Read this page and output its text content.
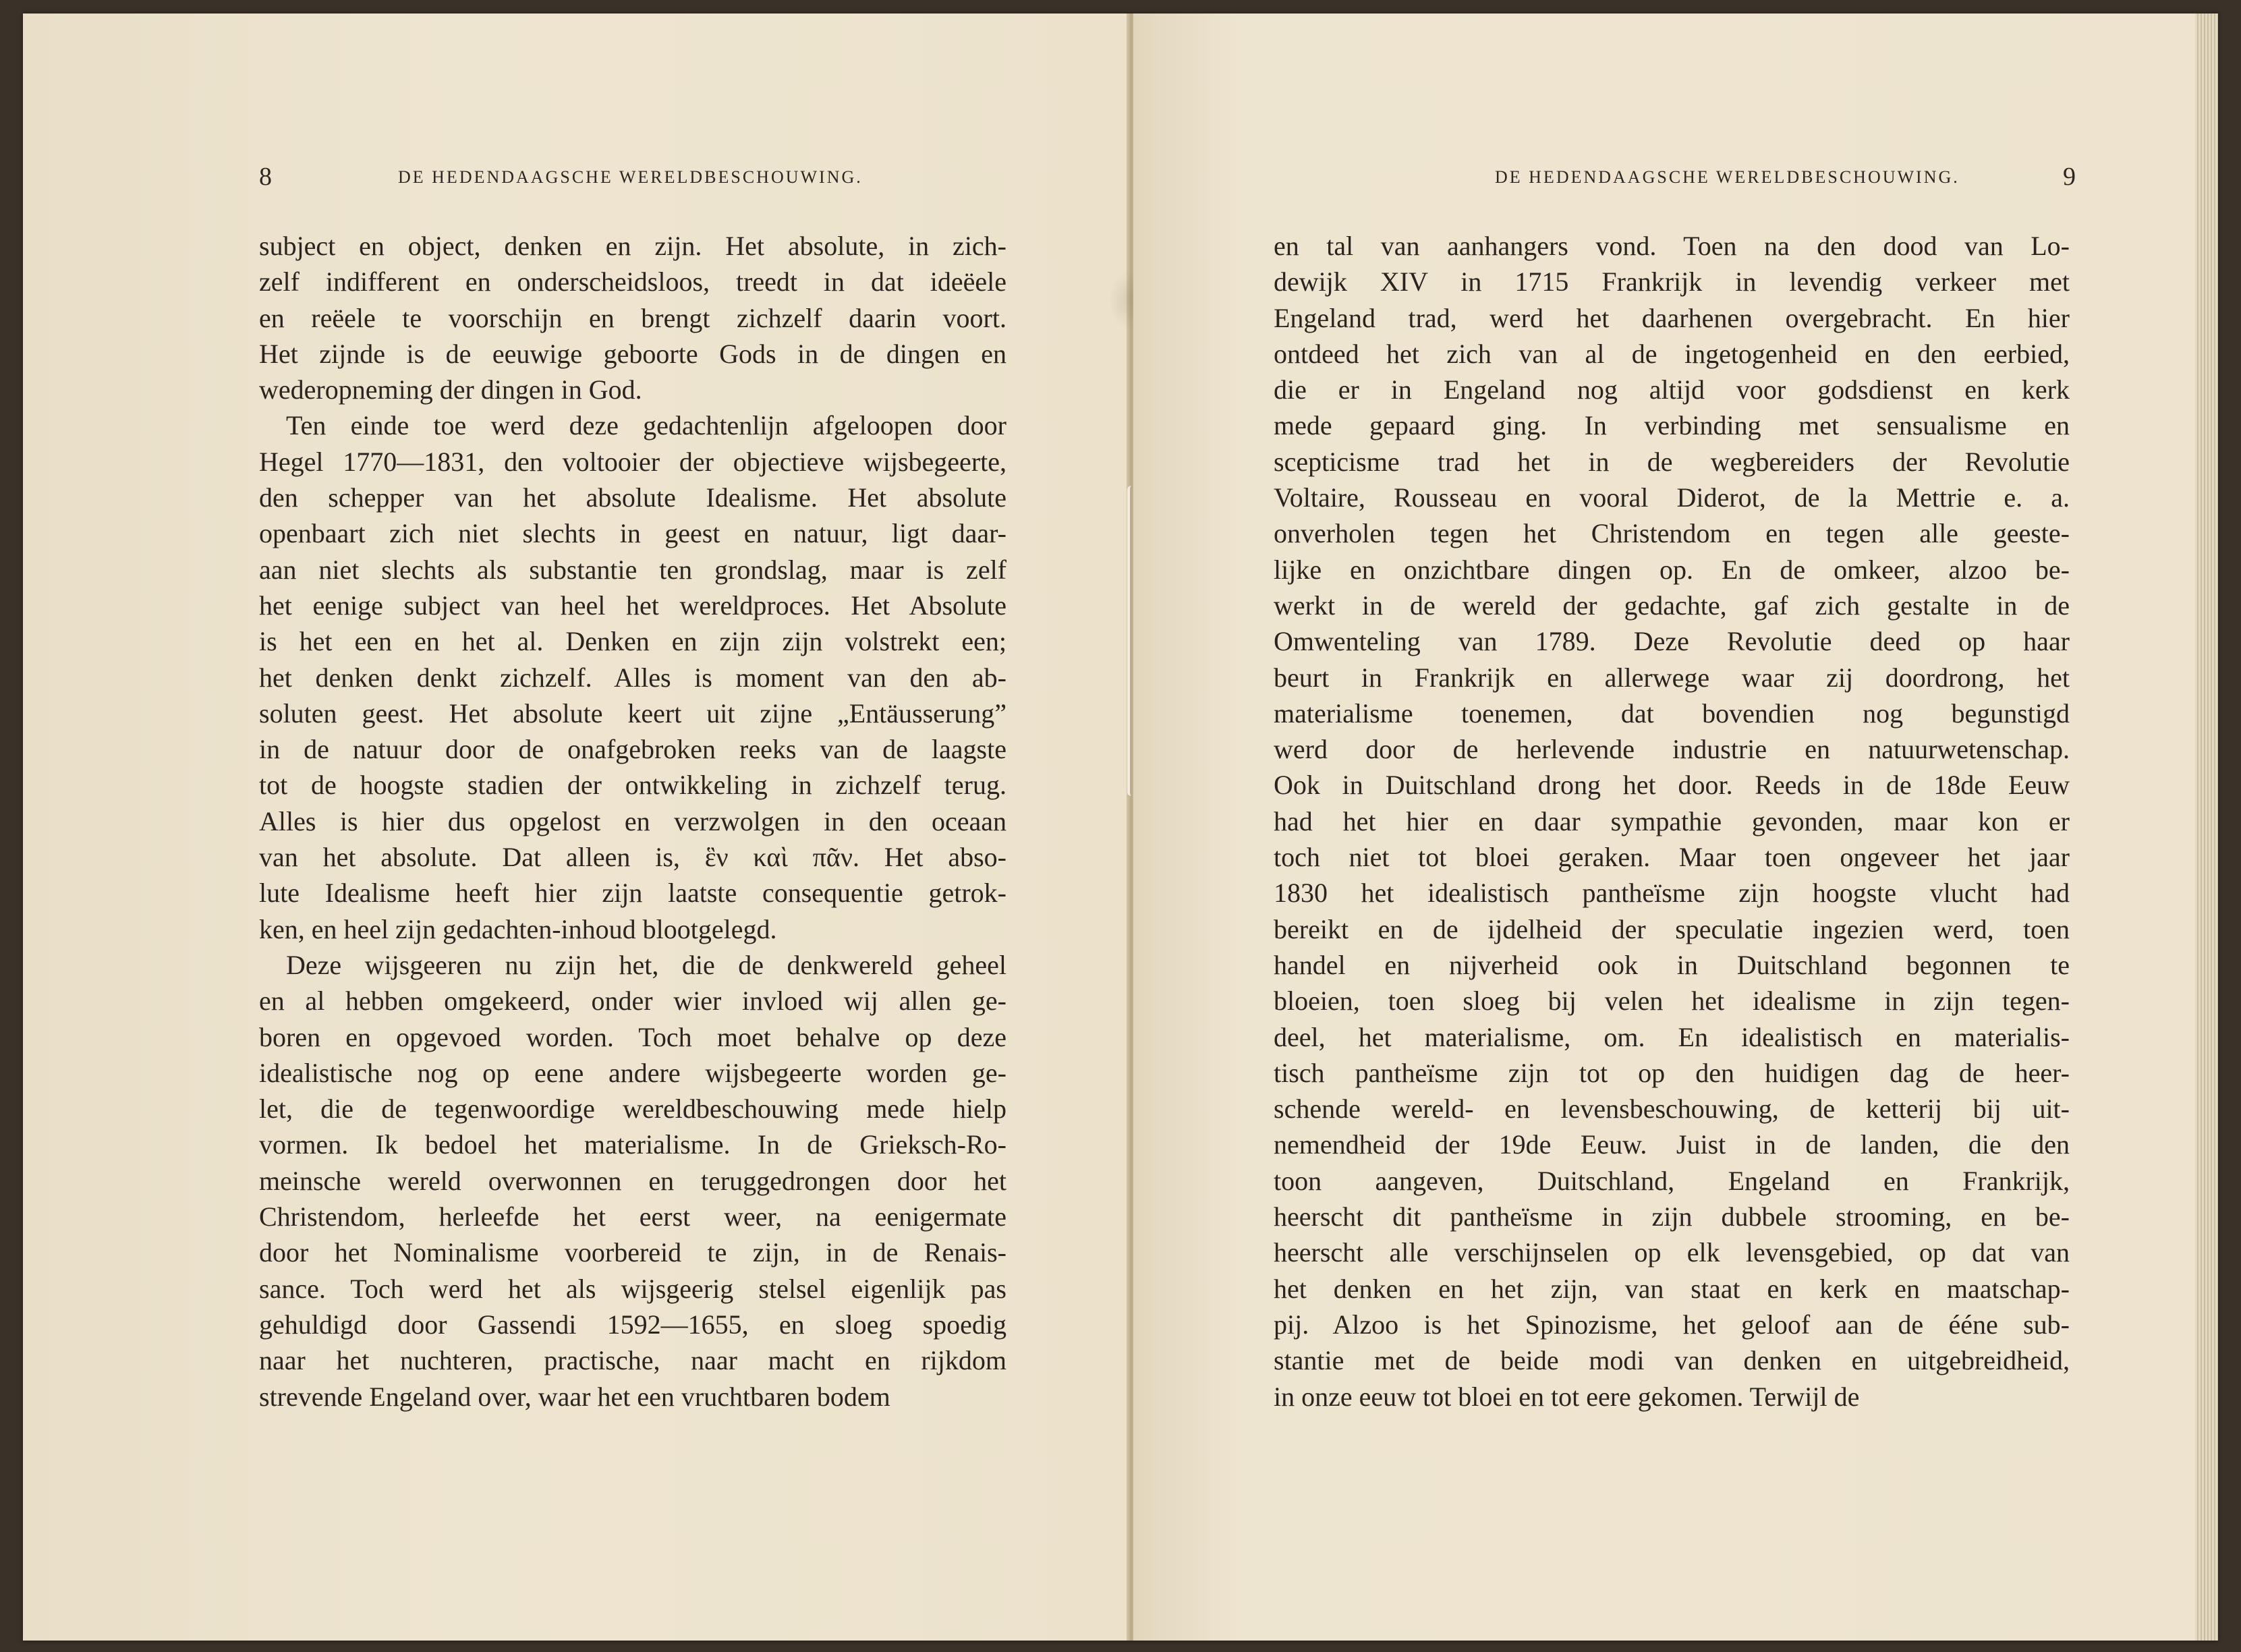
8	DE HEDENDAAGSCHE WERELDBESCHOUWING.
subject en object, denken en zijn. Het absolute, in zich-
zelf indifferent en onderscheidsloos, treedt in dat ideëele
en reëele te voorschijn en brengt zichzelf daarin voort.
Het zijnde is de eeuwige geboorte Gods in de dingen en
wederopneming der dingen in God.
Ten einde toe werd deze gedachtenlijn afgeloopen door
Hegel 1770—1831, den voltooier der objectieve wijsbegeerte,
den schepper van het absolute Idealisme. Het absolute
openbaart zich niet slechts in geest en natuur, ligt daar-
aan niet slechts als substantie ten grondslag, maar is zelf
het eenige subject van heel het wereldproces. Het Absolute
is het een en het al. Denken en zijn zijn volstrekt een;
het denken denkt zichzelf. Alles is moment van den ab-
soluten geest. Het absolute keert uit zijne „Entäusserung”
in de natuur door de onafgebroken reeks van de laagste
tot de hoogste stadien der ontwikkeling in zichzelf terug.
Alles is hier dus opgelost en verzwolgen in den oceaan
van het absolute. Dat alleen is, ἓν καὶ πᾶν. Het abso-
lute Idealisme heeft hier zijn laatste consequentie getrok-
ken, en heel zijn gedachten-inhoud blootgelegd.
Deze wijsgeeren nu zijn het, die de denkwereld geheel
en al hebben omgekeerd, onder wier invloed wij allen ge-
boren en opgevoed worden. Toch moet behalve op deze
idealistische nog op eene andere wijsbegeerte worden ge-
let, die de tegenwoordige wereldbeschouwing mede hielp
vormen. Ik bedoel het materialisme. In de Grieksch-Ro-
meinsche wereld overwonnen en teruggedrongen door het
Christendom, herleefde het eerst weer, na eenigermate
door het Nominalisme voorbereid te zijn, in de Renais-
sance. Toch werd het als wijsgeerig stelsel eigenlijk pas
gehuldigd door Gassendi 1592—1655, en sloeg spoedig
naar het nuchteren, practische, naar macht en rijkdom
strevende Engeland over, waar het een vruchtbaren bodem
DE HEDENDAAGSCHE WERELDBESCHOUWING.	9
en tal van aanhangers vond. Toen na den dood van Lo-
dewijk XIV in 1715 Frankrijk in levendig verkeer met
Engeland trad, werd het daarhenen overgebracht. En hier
ontdeed het zich van al de ingetogenheid en den eerbied,
die er in Engeland nog altijd voor godsdienst en kerk
mede gepaard ging. In verbinding met sensualisme en
scepticisme trad het in de wegbereiders der Revolutie
Voltaire, Rousseau en vooral Diderot, de la Mettrie e. a.
onverholen tegen het Christendom en tegen alle geeste-
lijke en onzichtbare dingen op. En de omkeer, alzoo be-
werkt in de wereld der gedachte, gaf zich gestalte in de
Omwenteling van 1789. Deze Revolutie deed op haar
beurt in Frankrijk en allerwege waar zij doordrong, het
materialisme toenemen, dat bovendien nog begunstigd
werd door de herlevende industrie en natuurwetenschap.
Ook in Duitschland drong het door. Reeds in de 18de Eeuw
had het hier en daar sympathie gevonden, maar kon er
toch niet tot bloei geraken. Maar toen ongeveer het jaar
1830 het idealistisch pantheïsme zijn hoogste vlucht had
bereikt en de ijdelheid der speculatie ingezien werd, toen
handel en nijverheid ook in Duitschland begonnen te
bloeien, toen sloeg bij velen het idealisme in zijn tegen-
deel, het materialisme, om. En idealistisch en materialis-
tisch pantheïsme zijn tot op den huidigen dag de heer-
schende wereld- en levensbeschouwing, de ketterij bij uit-
nemendheid der 19de Eeuw. Juist in de landen, die den
toon aangeven, Duitschland, Engeland en Frankrijk,
heerscht dit pantheïsme in zijn dubbele strooming, en be-
heerscht alle verschijnselen op elk levensgebied, op dat van
het denken en het zijn, van staat en kerk en maatschap-
pij. Alzoo is het Spinozisme, het geloof aan de ééne sub-
stantie met de beide modi van denken en uitgebreidheid,
in onze eeuw tot bloei en tot eere gekomen. Terwijl de
